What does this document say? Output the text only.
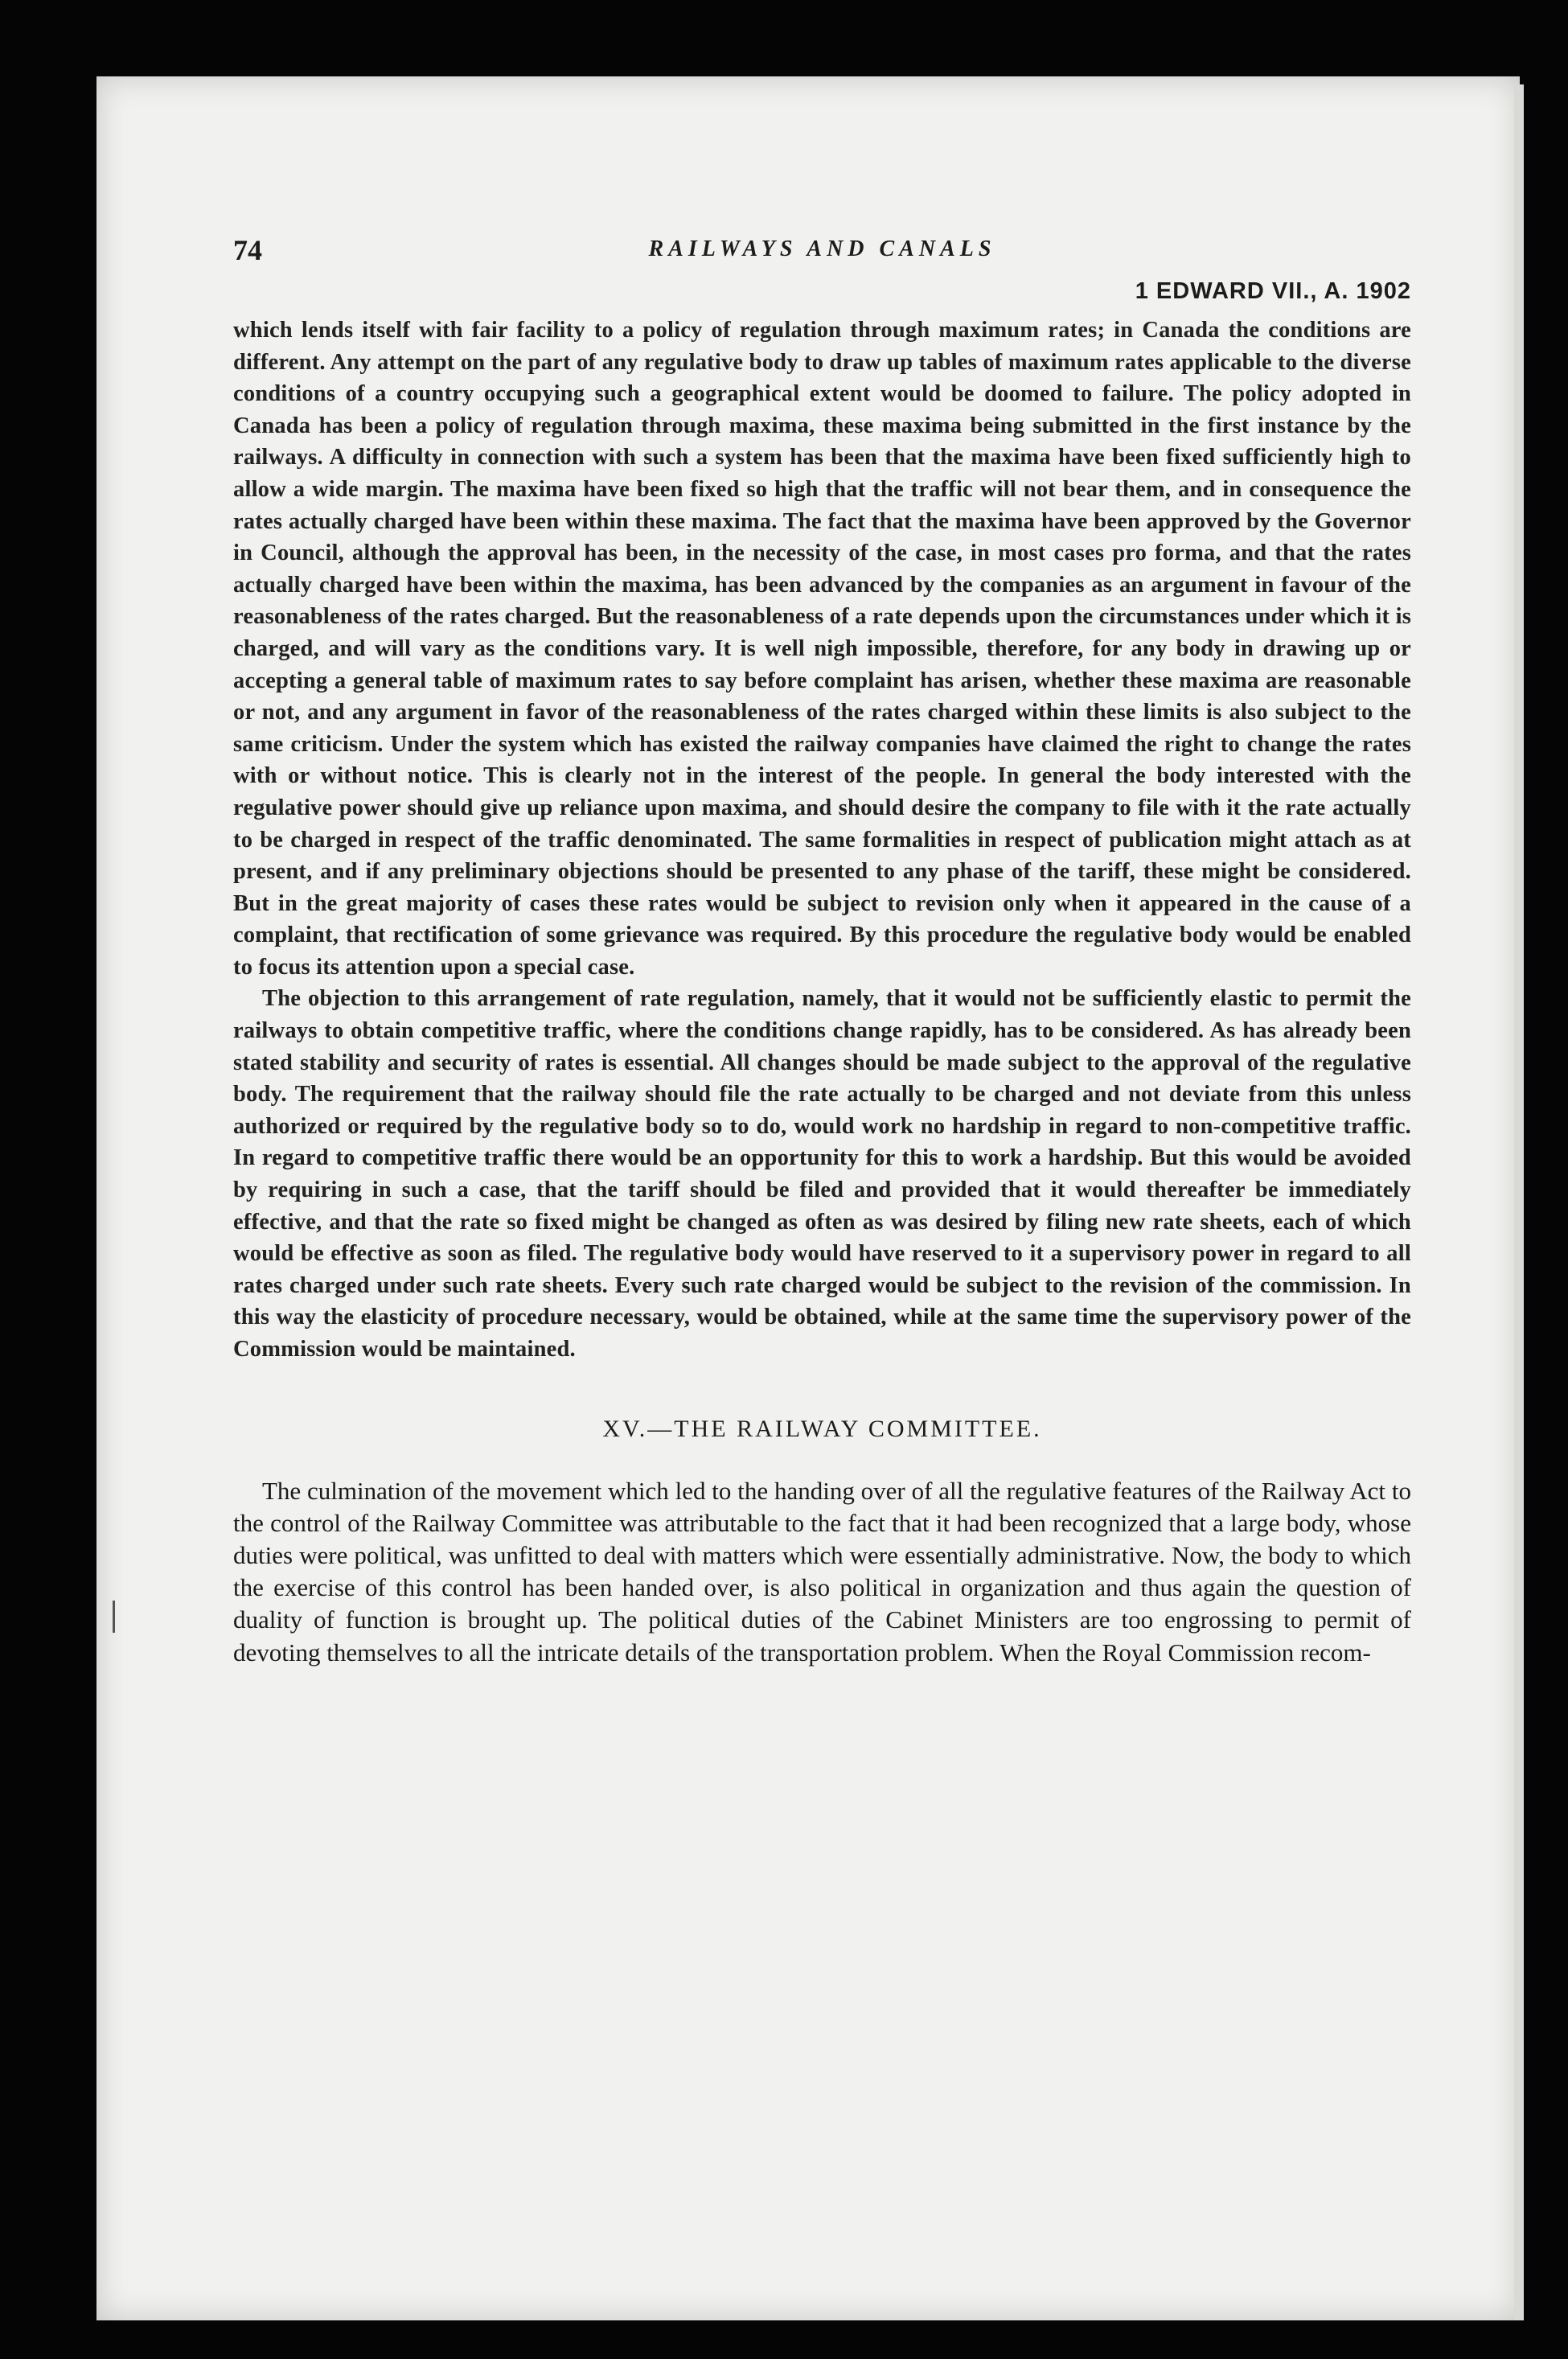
74	RAILWAYS AND CANALS
1 EDWARD VII., A. 1902

which lends itself with fair facility to a policy of regulation through maximum rates; in Canada the conditions are different. Any attempt on the part of any regulative body to draw up tables of maximum rates applicable to the diverse conditions of a country occupying such a geographical extent would be doomed to failure. The policy adopted in Canada has been a policy of regulation through maxima, these maxima being submitted in the first instance by the railways. A difficulty in connection with such a system has been that the maxima have been fixed sufficiently high to allow a wide margin. The maxima have been fixed so high that the traffic will not bear them, and in consequence the rates actually charged have been within these maxima. The fact that the maxima have been approved by the Governor in Council, although the approval has been, in the necessity of the case, in most cases pro forma, and that the rates actually charged have been within the maxima, has been advanced by the companies as an argument in favour of the reasonableness of the rates charged. But the reasonableness of a rate depends upon the circumstances under which it is charged, and will vary as the conditions vary. It is well nigh impossible, therefore, for any body in drawing up or accepting a general table of maximum rates to say before complaint has arisen, whether these maxima are reasonable or not, and any argument in favor of the reasonableness of the rates charged within these limits is also subject to the same criticism. Under the system which has existed the railway companies have claimed the right to change the rates with or without notice. This is clearly not in the interest of the people. In general the body interested with the regulative power should give up reliance upon maxima, and should desire the company to file with it the rate actually to be charged in respect of the traffic denominated. The same formalities in respect of publication might attach as at present, and if any preliminary objections should be presented to any phase of the tariff, these might be considered. But in the great majority of cases these rates would be subject to revision only when it appeared in the cause of a complaint, that rectification of some grievance was required. By this procedure the regulative body would be enabled to focus its attention upon a special case.

The objection to this arrangement of rate regulation, namely, that it would not be sufficiently elastic to permit the railways to obtain competitive traffic, where the conditions change rapidly, has to be considered. As has already been stated stability and security of rates is essential. All changes should be made subject to the approval of the regulative body. The requirement that the railway should file the rate actually to be charged and not deviate from this unless authorized or required by the regulative body so to do, would work no hardship in regard to non-competitive traffic. In regard to competitive traffic there would be an opportunity for this to work a hardship. But this would be avoided by requiring in such a case, that the tariff should be filed and provided that it would thereafter be immediately effective, and that the rate so fixed might be changed as often as was desired by filing new rate sheets, each of which would be effective as soon as filed. The regulative body would have reserved to it a supervisory power in regard to all rates charged under such rate sheets. Every such rate charged would be subject to the revision of the commission. In this way the elasticity of procedure necessary, would be obtained, while at the same time the supervisory power of the Commission would be maintained.

XV.—THE RAILWAY COMMITTEE.

The culmination of the movement which led to the handing over of all the regulative features of the Railway Act to the control of the Railway Committee was attributable to the fact that it had been recognized that a large body, whose duties were political, was unfitted to deal with matters which were essentially administrative. Now, the body to which the exercise of this control has been handed over, is also political in organization and thus again the question of duality of function is brought up. The political duties of the Cabinet Ministers are too engrossing to permit of devoting themselves to all the intricate details of the transportation problem. When the Royal Commission recom-
